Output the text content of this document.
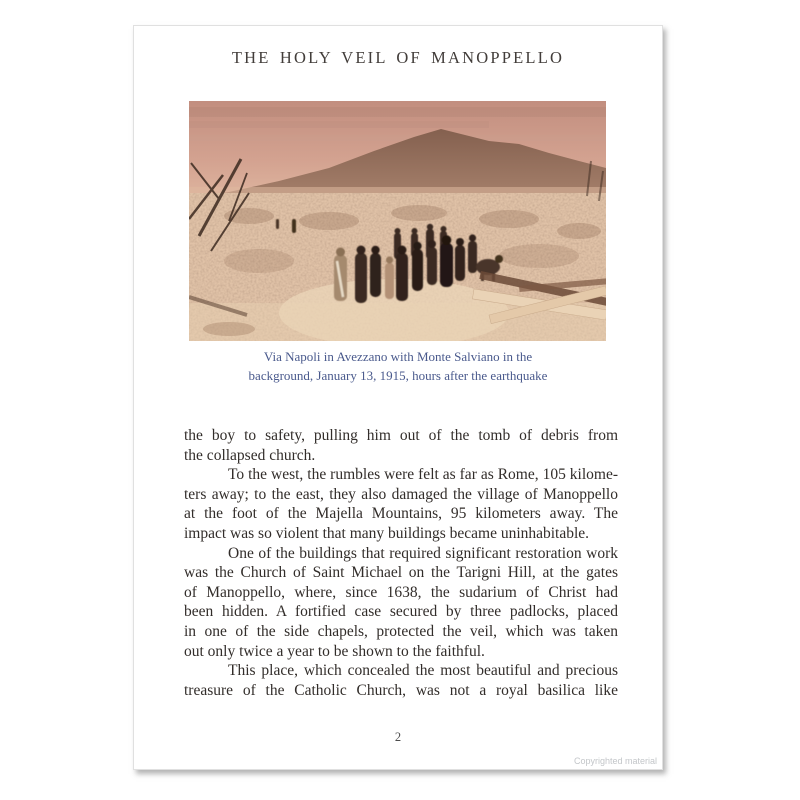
THE HOLY VEIL OF MANOPPELLO
Via Napoli in Avezzano with Monte Salviano in the
background, January 13, 1915, hours after the earthquake
the boy to safety, pulling him out of the tomb of debris from
the collapsed church.
To the west, the rumbles were felt as far as Rome, 105 kilome-
ters away; to the east, they also damaged the village of Manoppello
at the foot of the Majella Mountains, 95 kilometers away. The
impact was so violent that many buildings became uninhabitable.
One of the buildings that required significant restoration work
was the Church of Saint Michael on the Tarigni Hill, at the gates
of Manoppello, where, since 1638, the sudarium of Christ had
been hidden. A fortified case secured by three padlocks, placed
in one of the side chapels, protected the veil, which was taken
out only twice a year to be shown to the faithful.
This place, which concealed the most beautiful and precious
treasure of the Catholic Church, was not a royal basilica like
2
Copyrighted material
